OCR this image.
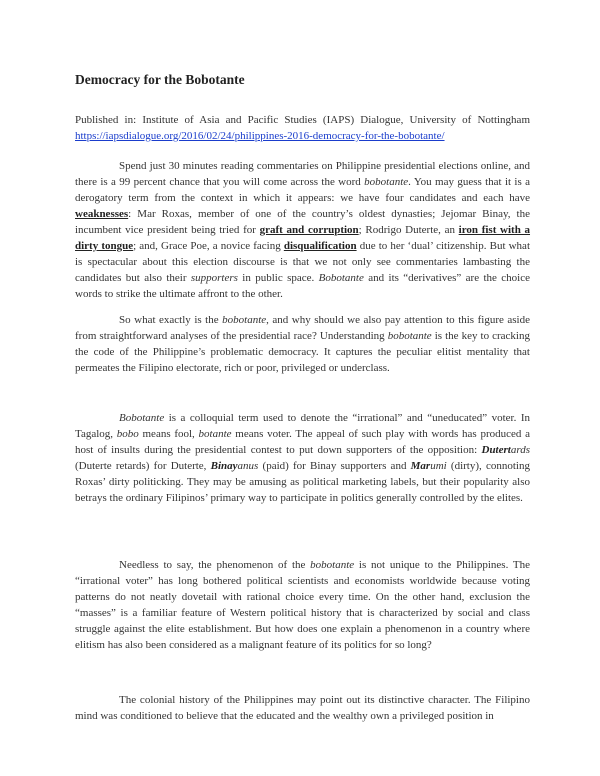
Democracy for the Bobotante
Published in: Institute of Asia and Pacific Studies (IAPS) Dialogue, University of Nottingham
https://iapsdialogue.org/2016/02/24/philippines-2016-democracy-for-the-bobotante/

Spend just 30 minutes reading commentaries on Philippine presidential elections online, and there is a 99 percent chance that you will come across the word bobotante. You may guess that it is a derogatory term from the context in which it appears: we have four candidates and each have weaknesses: Mar Roxas, member of one of the country’s oldest dynasties; Jejomar Binay, the incumbent vice president being tried for graft and corruption; Rodrigo Duterte, an iron fist with a dirty tongue; and, Grace Poe, a novice facing disqualification due to her ‘dual’ citizenship. But what is spectacular about this election discourse is that we not only see commentaries lambasting the candidates but also their supporters in public space. Bobotante and its “derivatives” are the choice words to strike the ultimate affront to the other.

So what exactly is the bobotante, and why should we also pay attention to this figure aside from straightforward analyses of the presidential race? Understanding bobotante is the key to cracking the code of the Philippine’s problematic democracy. It captures the peculiar elitist mentality that permeates the Filipino electorate, rich or poor, privileged or underclass.

Bobotante is a colloquial term used to denote the “irrational” and “uneducated” voter. In Tagalog, bobo means fool, botante means voter. The appeal of such play with words has produced a host of insults during the presidential contest to put down supporters of the opposition: Dutertards (Duterte retards) for Duterte, Binayanus (paid) for Binay supporters and Marumi (dirty), connoting Roxas’ dirty politicking. They may be amusing as political marketing labels, but their popularity also betrays the ordinary Filipinos’ primary way to participate in politics generally controlled by the elites.

Needless to say, the phenomenon of the bobotante is not unique to the Philippines. The “irrational voter” has long bothered political scientists and economists worldwide because voting patterns do not neatly dovetail with rational choice every time. On the other hand, exclusion the “masses” is a familiar feature of Western political history that is characterized by social and class struggle against the elite establishment. But how does one explain a phenomenon in a country where elitism has also been considered as a malignant feature of its politics for so long?

The colonial history of the Philippines may point out its distinctive character. The Filipino mind was conditioned to believe that the educated and the wealthy own a privileged position in
